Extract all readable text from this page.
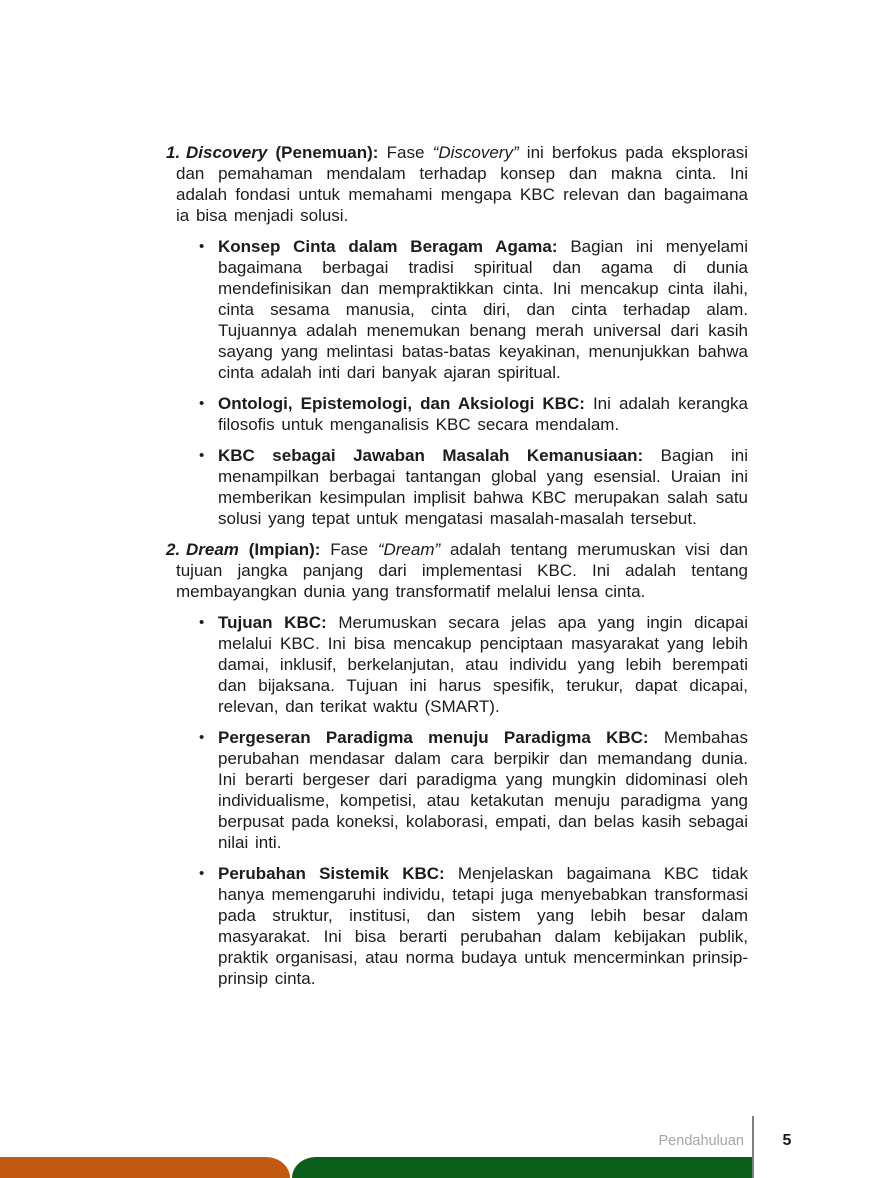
1. Discovery (Penemuan): Fase “Discovery” ini berfokus pada eksplorasi dan pemahaman mendalam terhadap konsep dan makna cinta. Ini adalah fondasi untuk memahami mengapa KBC relevan dan bagaimana ia bisa menjadi solusi.

• Konsep Cinta dalam Beragam Agama: Bagian ini menyelami bagaimana berbagai tradisi spiritual dan agama di dunia mendefinisikan dan mempraktikkan cinta. Ini mencakup cinta ilahi, cinta sesama manusia, cinta diri, dan cinta terhadap alam. Tujuannya adalah menemukan benang merah universal dari kasih sayang yang melintasi batas-batas keyakinan, menunjukkan bahwa cinta adalah inti dari banyak ajaran spiritual.

• Ontologi, Epistemologi, dan Aksiologi KBC: Ini adalah kerangka filosofis untuk menganalisis KBC secara mendalam.

• KBC sebagai Jawaban Masalah Kemanusiaan: Bagian ini menampilkan berbagai tantangan global yang esensial. Uraian ini memberikan kesimpulan implisit bahwa KBC merupakan salah satu solusi yang tepat untuk mengatasi masalah-masalah tersebut.

2. Dream (Impian): Fase “Dream” adalah tentang merumuskan visi dan tujuan jangka panjang dari implementasi KBC. Ini adalah tentang membayangkan dunia yang transformatif melalui lensa cinta.

• Tujuan KBC: Merumuskan secara jelas apa yang ingin dicapai melalui KBC. Ini bisa mencakup penciptaan masyarakat yang lebih damai, inklusif, berkelanjutan, atau individu yang lebih berempati dan bijaksana. Tujuan ini harus spesifik, terukur, dapat dicapai, relevan, dan terikat waktu (SMART).

• Pergeseran Paradigma menuju Paradigma KBC: Membahas perubahan mendasar dalam cara berpikir dan memandang dunia. Ini berarti bergeser dari paradigma yang mungkin didominasi oleh individualisme, kompetisi, atau ketakutan menuju paradigma yang berpusat pada koneksi, kolaborasi, empati, dan belas kasih sebagai nilai inti.

• Perubahan Sistemik KBC: Menjelaskan bagaimana KBC tidak hanya memengaruhi individu, tetapi juga menyebabkan transformasi pada struktur, institusi, dan sistem yang lebih besar dalam masyarakat. Ini bisa berarti perubahan dalam kebijakan publik, praktik organisasi, atau norma budaya untuk mencerminkan prinsip-prinsip cinta.

Pendahuluan	5
